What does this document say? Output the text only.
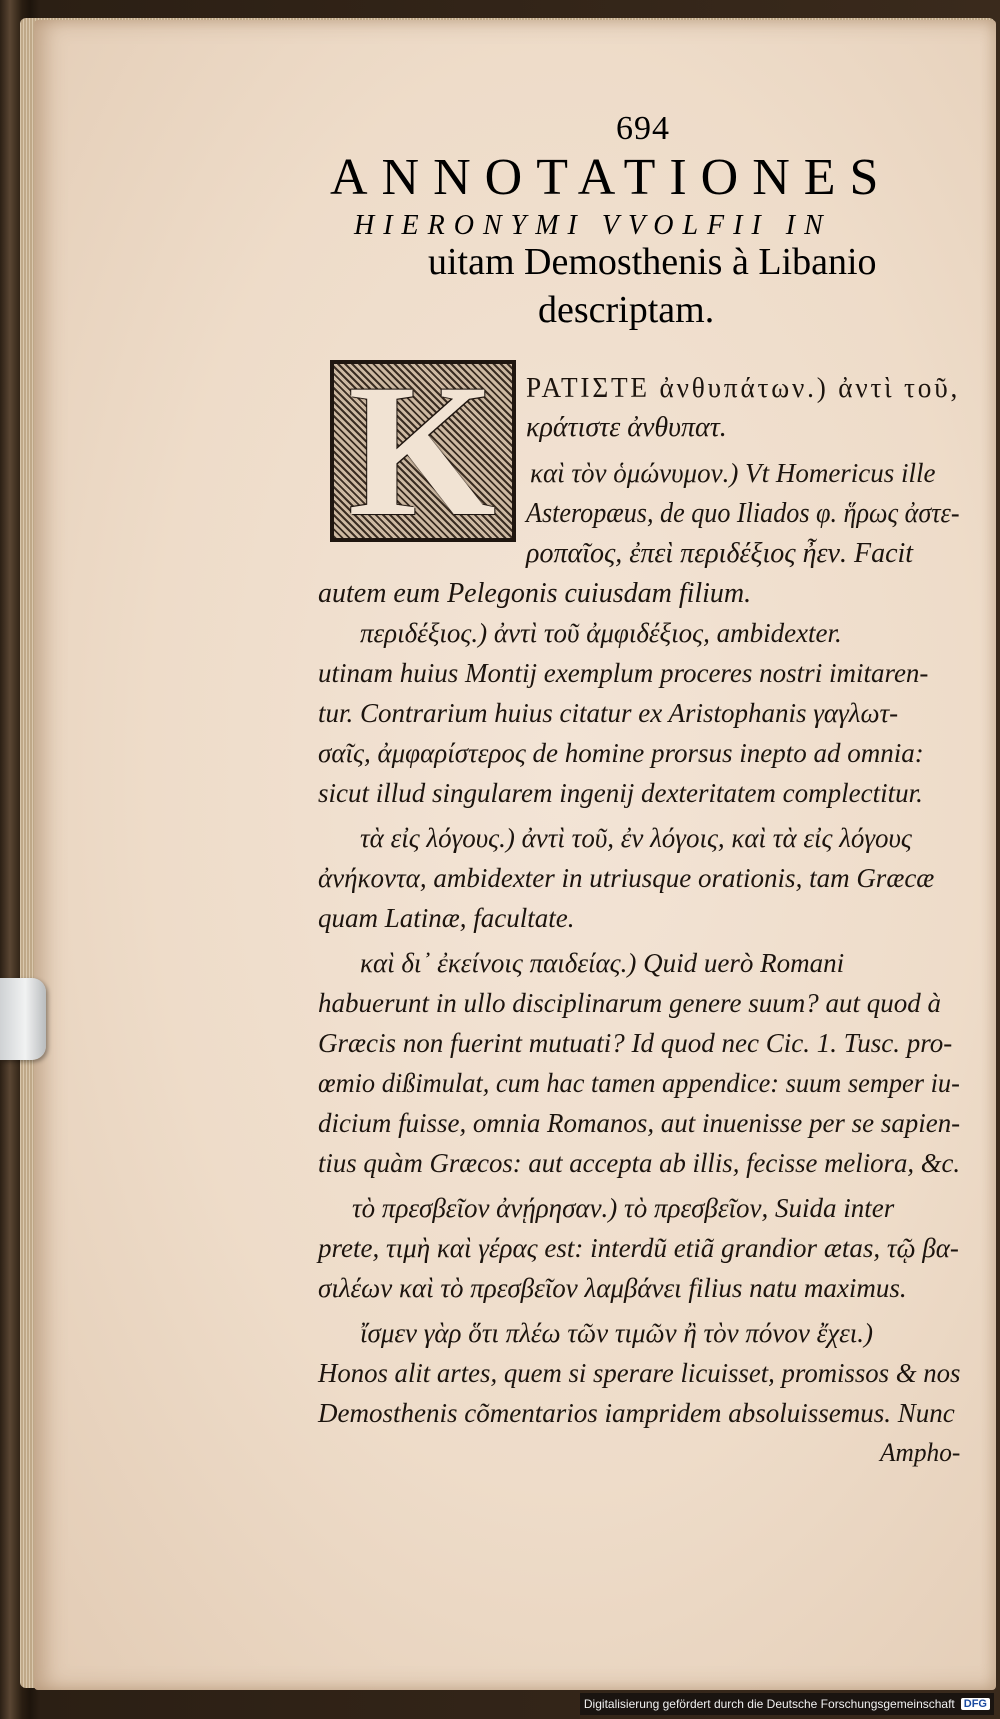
694
ANNOTATIONES
HIERONYMI VVOLFII IN
uitam Demosthenis à Libanio
descriptam.
K ΡΑΤΙΣΤΕ ἀνθυπάτων.) ἀντὶ τοῦ,
κράτιστε ἀνθυπατ.
καὶ τὸν ὁμώνυμον.) Vt Homericus ille
Asteropæus, de quo Iliados φ. ἥρως ἀστε-
ροπαῖος, ἐπεὶ περιδέξιος ἦεν. Facit
autem eum Pelegonis cuiusdam filium.
περιδέξιος.) ἀντὶ τοῦ ἀμφιδέξιος, ambidexter.
utinam huius Montij exemplum proceres nostri imitaren-
tur. Contrarium huius citatur ex Aristophanis γαγλωτ-
σαῖς, ἀμφαρίστερος de homine prorsus inepto ad omnia:
sicut illud singularem ingenij dexteritatem complectitur.
τὰ εἰς λόγους.) ἀντὶ τοῦ, ἐν λόγοις, καὶ τὰ εἰς λόγους
ἀνήκοντα, ambidexter in utriusque orationis, tam Græcæ
quam Latinæ, facultate.
καὶ δι᾽ ἐκείνοις παιδείας.) Quid uerò Romani
habuerunt in ullo disciplinarum genere suum? aut quod à
Græcis non fuerint mutuati? Id quod nec Cic. 1. Tusc. pro-
œmio dißimulat, cum hac tamen appendice: suum semper iu-
dicium fuisse, omnia Romanos, aut inuenisse per se sapien-
tius quàm Græcos: aut accepta ab illis, fecisse meliora, &c.
τὸ πρεσβεῖον ἀνῄρησαν.) τὸ πρεσβεῖον, Suida inter
prete, τιμὴ καὶ γέρας est: interdũ etiã grandior ætas, τῷ βα-
σιλέων καὶ τὸ πρεσβεῖον λαμβάνει filius natu maximus.
ἴσμεν γὰρ ὅτι πλέω τῶν τιμῶν ἢ τὸν πόνον ἔχει.)
Honos alit artes, quem si sperare licuisset, promissos & nos
Demosthenis cõmentarios iampridem absoluissemus. Nunc
Ampho-
Digitalisierung gefördert durch die Deutsche Forschungsgemeinschaft DFG
